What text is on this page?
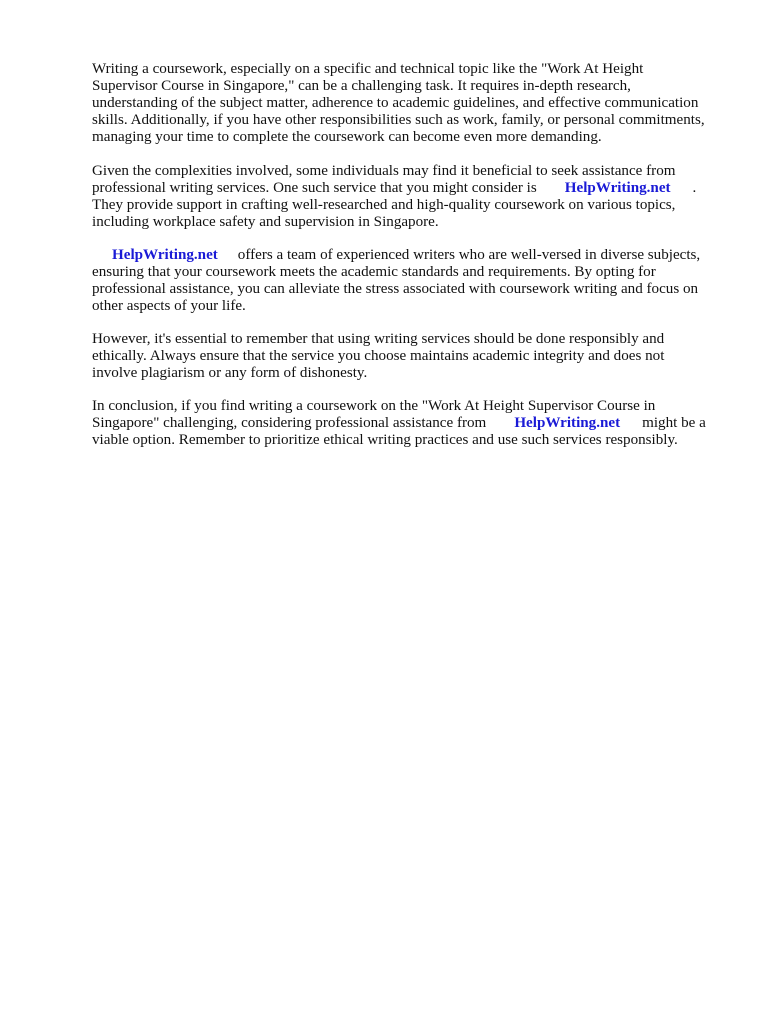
Writing a coursework, especially on a specific and technical topic like the "Work At Height
Supervisor Course in Singapore," can be a challenging task. It requires in-depth research,
understanding of the subject matter, adherence to academic guidelines, and effective communication
skills. Additionally, if you have other responsibilities such as work, family, or personal commitments,
managing your time to complete the coursework can become even more demanding.
Given the complexities involved, some individuals may find it beneficial to seek assistance from
professional writing services. One such service that you might consider is HelpWriting.net .
They provide support in crafting well-researched and high-quality coursework on various topics,
including workplace safety and supervision in Singapore.
HelpWriting.net offers a team of experienced writers who are well-versed in diverse subjects,
ensuring that your coursework meets the academic standards and requirements. By opting for
professional assistance, you can alleviate the stress associated with coursework writing and focus on
other aspects of your life.
However, it's essential to remember that using writing services should be done responsibly and
ethically. Always ensure that the service you choose maintains academic integrity and does not
involve plagiarism or any form of dishonesty.
In conclusion, if you find writing a coursework on the "Work At Height Supervisor Course in
Singapore" challenging, considering professional assistance from HelpWriting.net might be a
viable option. Remember to prioritize ethical writing practices and use such services responsibly.
